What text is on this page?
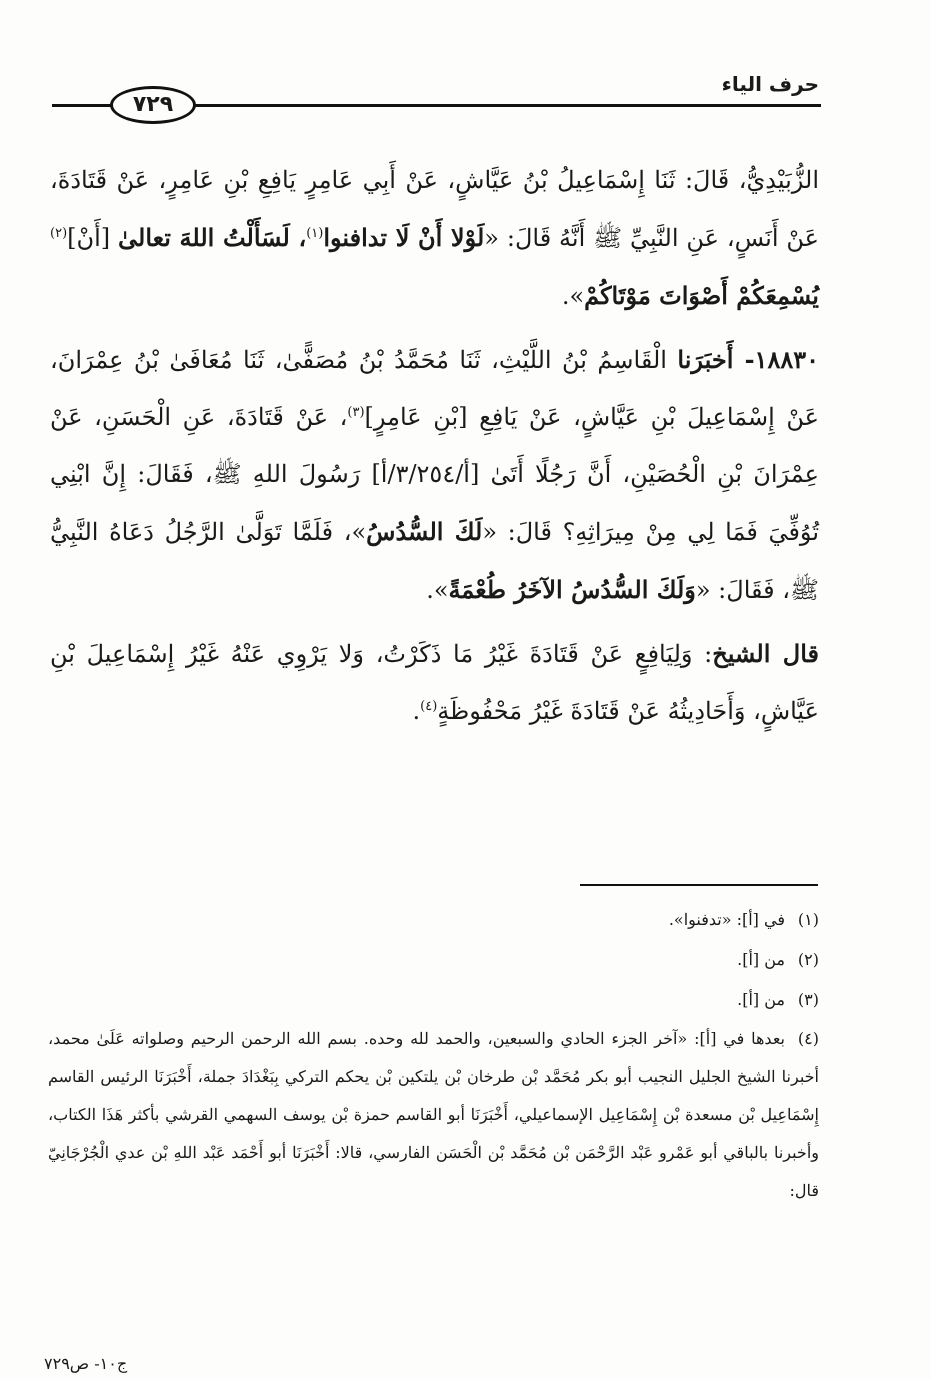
حرف الياء
٧٢٩

الزُّبَيْدِيُّ، قَالَ: ثَنَا إِسْمَاعِيلُ بْنُ عَيَّاشٍ، عَنْ أَبِي عَامِرٍ يَافِعِ بْنِ عَامِرٍ، عَنْ قَتَادَةَ، عَنْ أَنَسٍ، عَنِ النَّبِيِّ ﷺ أَنَّهُ قَالَ: «لَوْلا أَنْ لَا تدافنوا$^{(١)}$، لَسَأَلْتُ اللهَ تعالىٰ [أَنْ]$^{(٢)}$ يُسْمِعَكُمْ أَصْوَاتَ مَوْتَاكُمْ».

١٨٨٣٠- أَخبَرَنا الْقَاسِمُ بْنُ اللَّيْثِ، ثَنَا مُحَمَّدُ بْنُ مُصَفًّىٰ، ثَنَا مُعَافَىٰ بْنُ عِمْرَانَ، عَنْ إِسْمَاعِيلَ بْنِ عَيَّاشٍ، عَنْ يَافِعِ [بْنِ عَامِرٍ]$^{(٣)}$، عَنْ قَتَادَةَ، عَنِ الْحَسَنِ، عَنْ عِمْرَانَ بْنِ الْحُصَيْنِ، أَنَّ رَجُلًا أَتَىٰ [أ/٣/٢٥٤/أ] رَسُولَ اللهِ ﷺ، فَقَالَ: إِنَّ ابْنِي تُوُفِّيَ فَمَا لِي مِنْ مِيرَاثِهِ؟ قَالَ: «لَكَ السُّدُسُ»، فَلَمَّا تَوَلَّىٰ الرَّجُلُ دَعَاهُ النَّبِيُّ ﷺ، فَقَالَ: «وَلَكَ السُّدُسُ الآخَرُ طُعْمَةً».

قال الشيخ: وَلِيَافِعٍ عَنْ قَتَادَةَ غَيْرُ مَا ذَكَرْتُ، وَلا يَرْوِي عَنْهُ غَيْرُ إِسْمَاعِيلَ بْنِ عَيَّاشٍ، وَأَحَادِيثُهُ عَنْ قَتَادَةَ غَيْرُ مَحْفُوظَةٍ$^{(٤)}$.

(١)في [أ]: «تدفنوا».

(٢)من [أ].

(٣)من [أ].

(٤)بعدها في [أ]: «آخر الجزء الحادي والسبعين، والحمد لله وحده. بسم الله الرحمن الرحيم وصلواته عَلَىٰ محمد، أخبرنا الشيخ الجليل النجيب أبو بكر مُحَمَّد بْن طرخان بْن يلتكين بْن يحكم التركي بِبَغْدَادَ جملة، أَخْبَرَنَا الرئيس القاسم إِسْمَاعِيل بْن مسعدة بْن إِسْمَاعِيل الإسماعيلي، أَخْبَرَنَا أبو القاسم حمزة بْن يوسف السهمي القرشي بأكثر هَذَا الكتاب، وأخبرنا بالباقي أبو عَمْرو عَبْد الرَّحْمَن بْن مُحَمَّد بْن الْحَسَن الفارسي، قالا: أَخْبَرَنَا أبو أَحْمَد عَبْد اللهِ بْن عدي الْجُرْجَانِيّ قال:

ج١٠- ص٧٢٩
